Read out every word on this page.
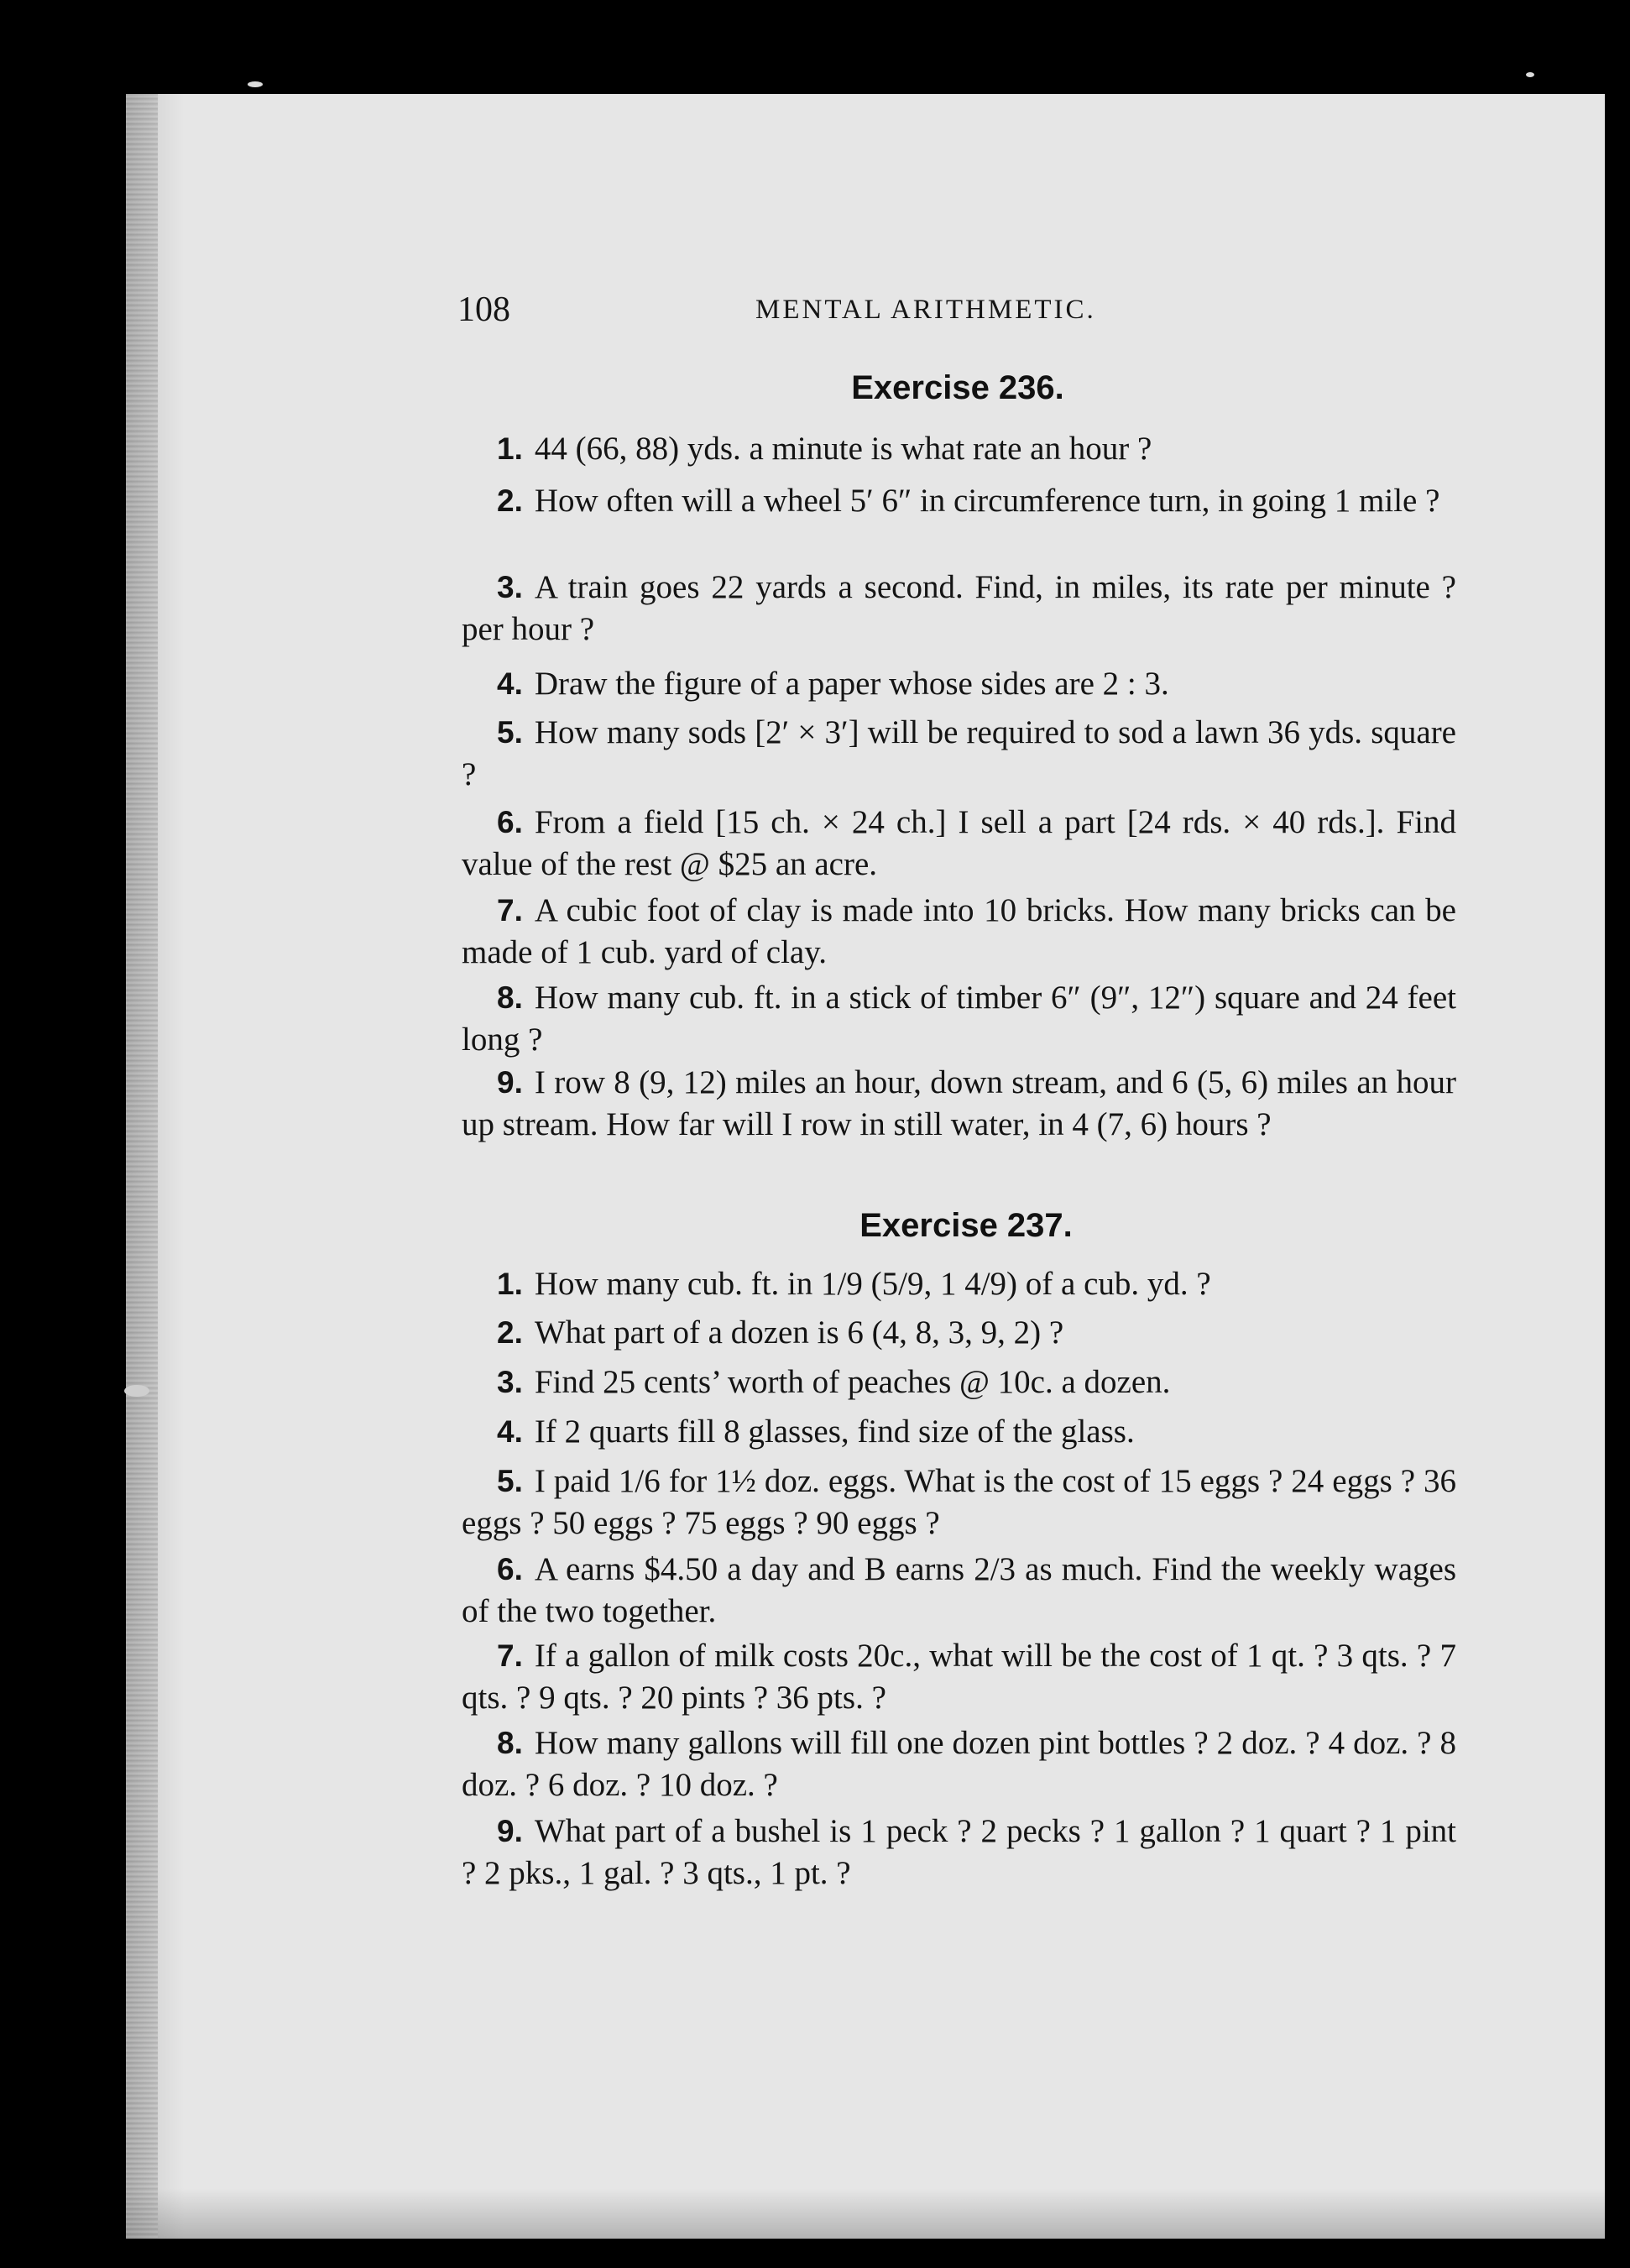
108	MENTAL ARITHMETIC.
Exercise 236.
1. 44 (66, 88) yds. a minute is what rate an hour ?
2. How often will a wheel 5′ 6″ in circumference turn, in going 1 mile ?
3. A train goes 22 yards a second. Find, in miles, its rate per minute ? per hour ?
4. Draw the figure of a paper whose sides are 2 : 3.
5. How many sods [2′ × 3′] will be required to sod a lawn 36 yds. square ?
6. From a field [15 ch. × 24 ch.] I sell a part [24 rds. × 40 rds.]. Find value of the rest @ $25 an acre.
7. A cubic foot of clay is made into 10 bricks. How many bricks can be made of 1 cub. yard of clay.
8. How many cub. ft. in a stick of timber 6″ (9″, 12″) square and 24 feet long ?
9. I row 8 (9, 12) miles an hour, down stream, and 6 (5, 6) miles an hour up stream. How far will I row in still water, in 4 (7, 6) hours ?
Exercise 237.
1. How many cub. ft. in 1/9 (5/9, 1 4/9) of a cub. yd. ?
2. What part of a dozen is 6 (4, 8, 3, 9, 2) ?
3. Find 25 cents’ worth of peaches @ 10c. a dozen.
4. If 2 quarts fill 8 glasses, find size of the glass.
5. I paid 1/6 for 1½ doz. eggs. What is the cost of 15 eggs ? 24 eggs ? 36 eggs ? 50 eggs ? 75 eggs ? 90 eggs ?
6. A earns $4.50 a day and B earns 2/3 as much. Find the weekly wages of the two together.
7. If a gallon of milk costs 20c., what will be the cost of 1 qt. ? 3 qts. ? 7 qts. ? 9 qts. ? 20 pints ? 36 pts. ?
8. How many gallons will fill one dozen pint bottles ? 2 doz. ? 4 doz. ? 8 doz. ? 6 doz. ? 10 doz. ?
9. What part of a bushel is 1 peck ? 2 pecks ? 1 gallon ? 1 quart ? 1 pint ? 2 pks., 1 gal. ? 3 qts., 1 pt. ?
